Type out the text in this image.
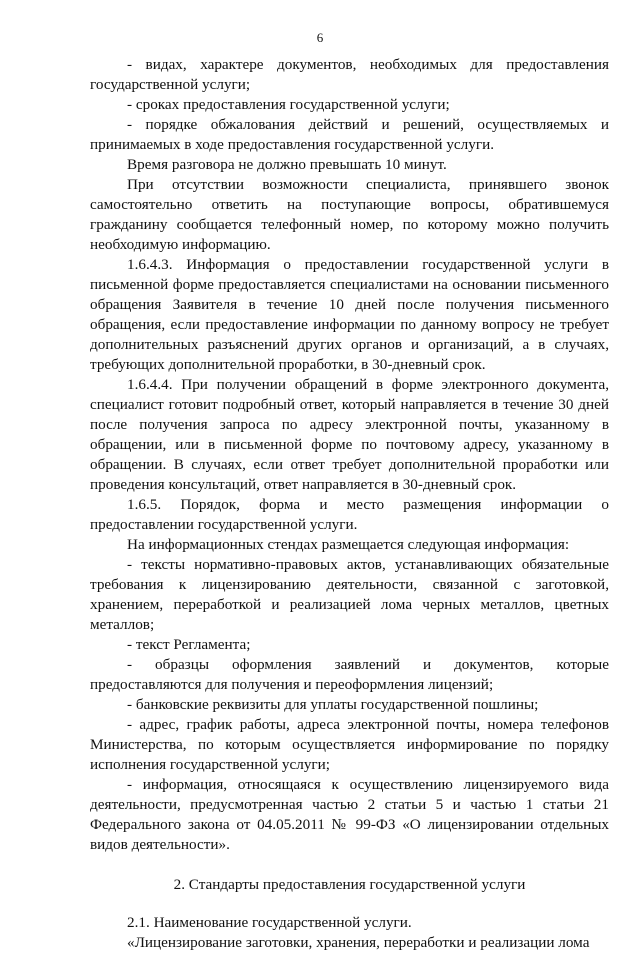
6

- видах, характере документов, необходимых для предоставления государственной услуги;

- сроках предоставления государственной услуги;

- порядке обжалования действий и решений, осуществляемых и принимаемых в ходе предоставления государственной услуги.

Время разговора не должно превышать 10 минут.

При отсутствии возможности специалиста, принявшего звонок самостоятельно ответить на поступающие вопросы, обратившемуся гражданину сообщается телефонный номер, по которому можно получить необходимую информацию.

1.6.4.3. Информация о предоставлении государственной услуги в письменной форме предоставляется специалистами на основании письменного обращения Заявителя в течение 10 дней после получения письменного обращения, если предоставление информации по данному вопросу не требует дополнительных разъяснений других органов и организаций, а в случаях, требующих дополнительной проработки, в 30-дневный срок.

1.6.4.4. При получении обращений в форме электронного документа, специалист готовит подробный ответ, который направляется в течение 30 дней после получения запроса по адресу электронной почты, указанному в обращении, или в письменной форме по почтовому адресу, указанному в обращении. В случаях, если ответ требует дополнительной проработки или проведения консультаций, ответ направляется в 30-дневный срок.

1.6.5. Порядок, форма и место размещения информации о предоставлении государственной услуги.

На информационных стендах размещается следующая информация:

- тексты нормативно-правовых актов, устанавливающих обязательные требования к лицензированию деятельности, связанной с заготовкой, хранением, переработкой и реализацией лома черных металлов, цветных металлов;

- текст Регламента;

- образцы оформления заявлений и документов, которые предоставляются для получения и переоформления лицензий;

- банковские реквизиты для уплаты государственной пошлины;

- адрес, график работы, адреса электронной почты, номера телефонов Министерства, по которым осуществляется информирование по порядку исполнения государственной услуги;

- информация, относящаяся к осуществлению лицензируемого вида деятельности, предусмотренная частью 2 статьи 5 и частью 1 статьи 21 Федерального закона от 04.05.2011 № 99-ФЗ «О лицензировании отдельных видов деятельности».

2. Стандарты предоставления государственной услуги

2.1. Наименование государственной услуги.

«Лицензирование заготовки, хранения, переработки и реализации лома
